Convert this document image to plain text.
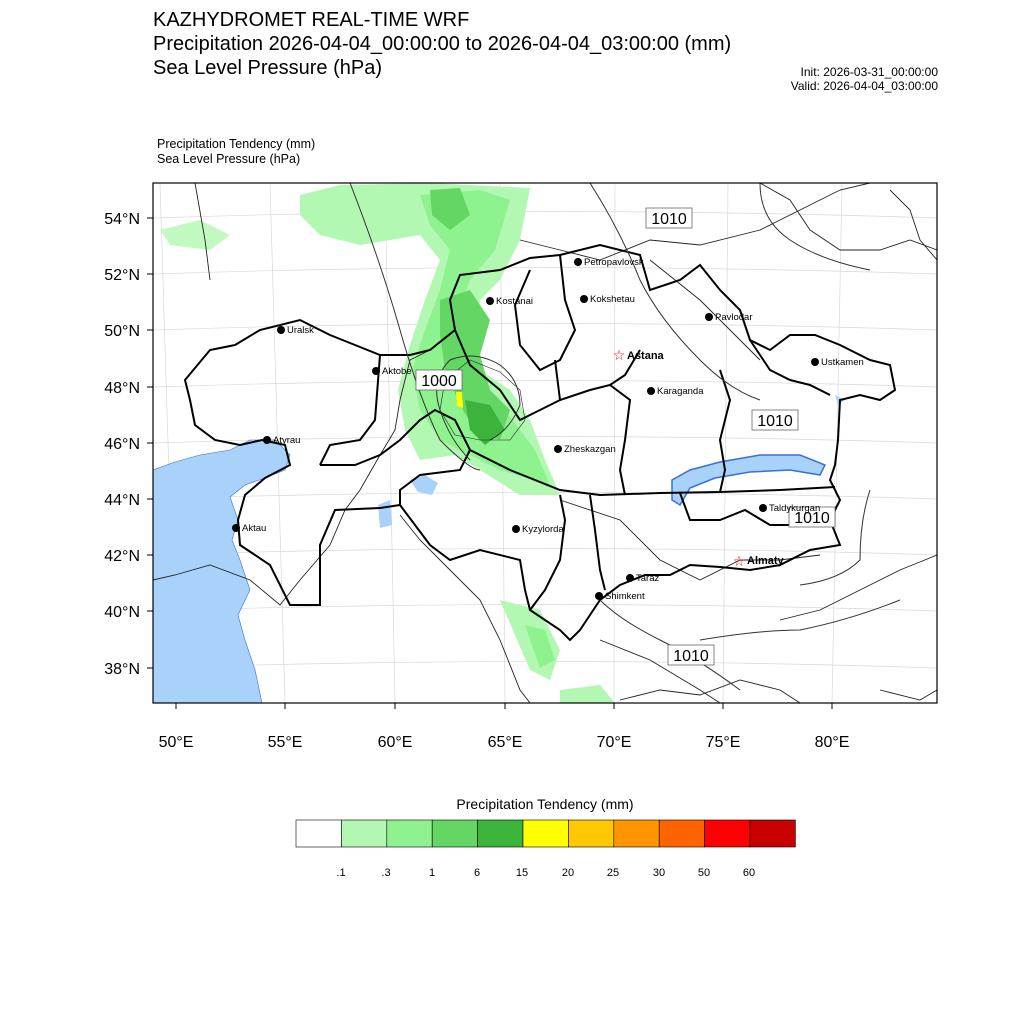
KAZHYDROMET REAL-TIME WRF
Precipitation 2026-04-04_00:00:00 to 2026-04-04_03:00:00 (mm)
Sea Level Pressure (hPa)	Init: 2026-03-31_00:00:00
Valid: 2026-04-04_03:00:00
Precipitation Tendency (mm)
Sea Level Pressure (hPa)
54°N
52°N
50°N
48°N
46°N
44°N
42°N
40°N
38°N
50°E	55°E	60°E	65°E	70°E	75°E	80°E
1010
1000
1010
1010
1010
Petropavlovsk
Kostanai	Kokshetau
Uralsk
Pavlodar
☆ Astana
Aktobe
Ustkamen
Karaganda
Atyrau
Zheskazgan
Taldykurgan
Aktau	Kyzylorda
☆ Almaty
Taraz
Shimkent
Precipitation Tendency (mm)
.1	.3	1	6	15	20	25	30	50	60
